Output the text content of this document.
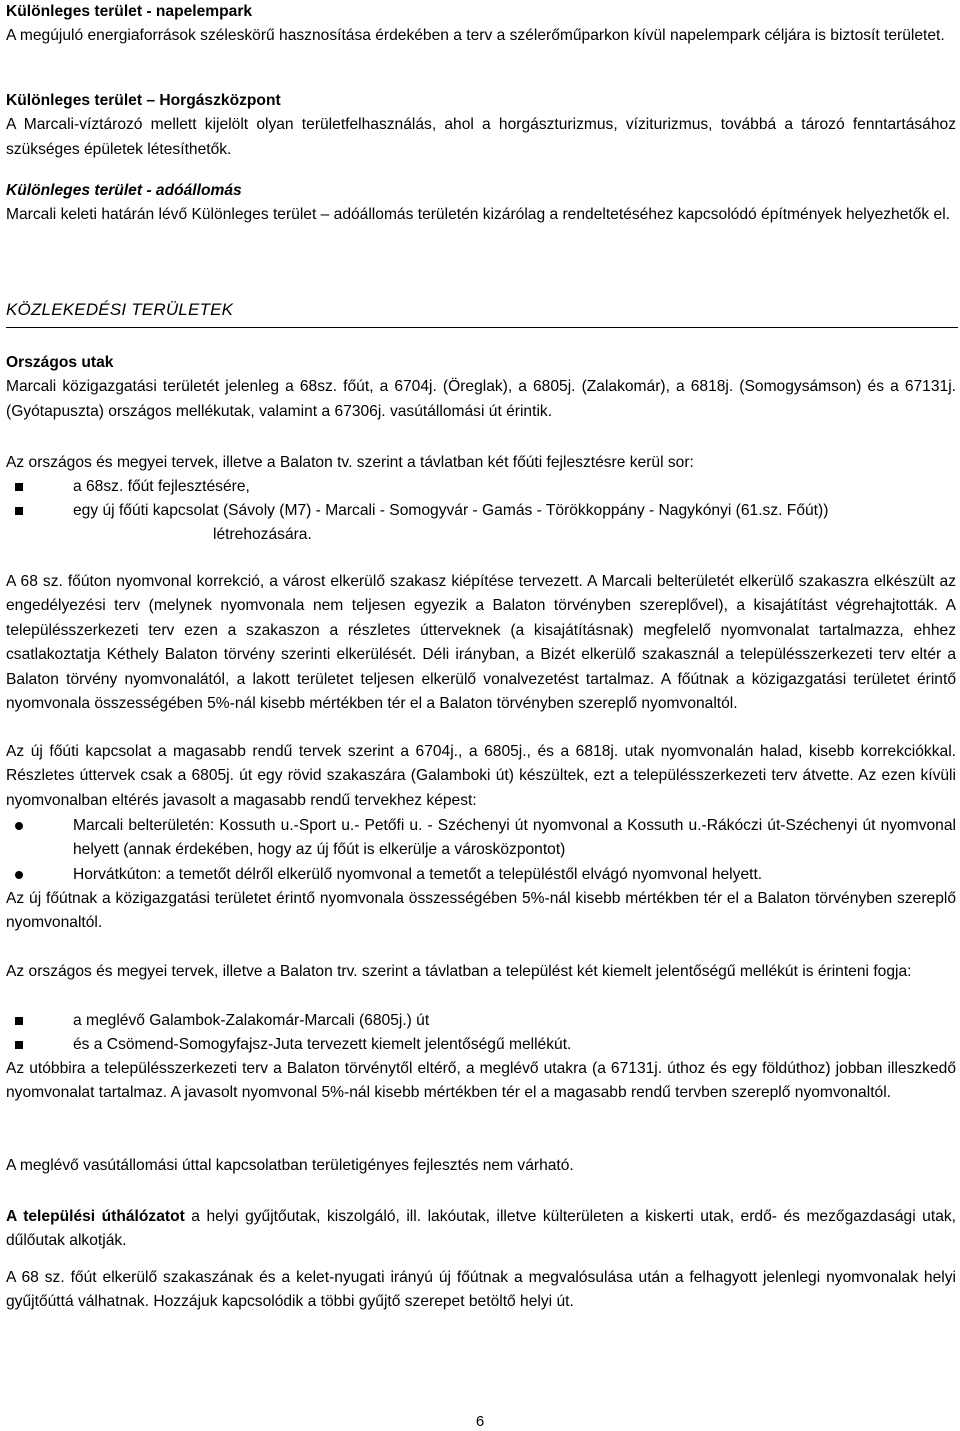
Különleges terület - napelempark
A megújuló energiaforrások széleskörű hasznosítása érdekében a terv a szélerőműparkon kívül napelempark céljára is biztosít területet.
Különleges terület – Horgászközpont
A Marcali-víztározó mellett kijelölt olyan területfelhasználás, ahol a horgászturizmus, víziturizmus, továbbá a tározó fenntartásához szükséges épületek létesíthetők.
Különleges terület - adóállomás
Marcali keleti határán lévő Különleges terület – adóállomás területén kizárólag a rendeltetéséhez kapcsolódó építmények helyezhetők el.
KÖZLEKEDÉSI TERÜLETEK
Országos utak
Marcali közigazgatási területét jelenleg a 68sz. főút, a 6704j. (Öreglak), a 6805j. (Zalakomár), a 6818j. (Somogysámson) és a 67131j. (Gyótapuszta) országos mellékutak, valamint a 67306j. vasútállomási út érintik.
Az országos és megyei tervek, illetve a Balaton tv. szerint a távlatban két főúti fejlesztésre kerül sor:
a 68sz. főút fejlesztésére,
egy új főúti kapcsolat (Sávoly (M7) - Marcali - Somogyvár - Gamás - Törökkoppány - Nagykónyi (61.sz. Főút))
létrehozására.
A 68 sz. főúton nyomvonal korrekció, a várost elkerülő szakasz kiépítése tervezett. A Marcali belterületét elkerülő szakaszra elkészült az engedélyezési terv (melynek nyomvonala nem teljesen egyezik a Balaton törvényben szereplővel), a kisajátítást végrehajtották. A településszerkezeti terv ezen a szakaszon a részletes útterveknek (a kisajátításnak) megfelelő nyomvonalat tartalmazza, ehhez csatlakoztatja Kéthely Balaton törvény szerinti elkerülését. Déli irányban, a Bizét elkerülő szakasznál a településszerkezeti terv eltér a Balaton törvény nyomvonalától, a lakott területet teljesen elkerülő vonalvezetést tartalmaz. A főútnak a közigazgatási területet érintő nyomvonala összességében 5%-nál kisebb mértékben tér el a Balaton törvényben szereplő nyomvonaltól.
Az új főúti kapcsolat a magasabb rendű tervek szerint a 6704j., a 6805j., és a 6818j. utak nyomvonalán halad, kisebb korrekciókkal. Részletes úttervek csak a 6805j. út egy rövid szakaszára (Galamboki út) készültek, ezt a településszerkezeti terv átvette. Az ezen kívüli nyomvonalban eltérés javasolt a magasabb rendű tervekhez képest:
Marcali belterületén: Kossuth u.-Sport u.- Petőfi u. - Széchenyi út nyomvonal a Kossuth u.-Rákóczi út-Széchenyi út nyomvonal helyett (annak érdekében, hogy az új főút is elkerülje a városközpontot)
Horvátkúton: a temetőt délről elkerülő nyomvonal a temetőt a településtől elvágó nyomvonal helyett.
Az új főútnak a közigazgatási területet érintő nyomvonala összességében 5%-nál kisebb mértékben tér el a Balaton törvényben szereplő nyomvonaltól.
Az országos és megyei tervek, illetve a Balaton trv. szerint a távlatban a települést két kiemelt jelentőségű mellékút is érinteni fogja:
a meglévő Galambok-Zalakomár-Marcali (6805j.) út
és a Csömend-Somogyfajsz-Juta tervezett kiemelt jelentőségű mellékút.
Az utóbbira a településszerkezeti terv a Balaton törvénytől eltérő, a meglévő utakra (a 67131j. úthoz és egy földúthoz) jobban illeszkedő nyomvonalat tartalmaz. A javasolt nyomvonal 5%-nál kisebb mértékben tér el a magasabb rendű tervben szereplő nyomvonaltól.
A meglévő vasútállomási úttal kapcsolatban területigényes fejlesztés nem várható.
A települési úthálózatot a helyi gyűjtőutak, kiszolgáló, ill. lakóutak, illetve külterületen a kiskerti utak, erdő- és mezőgazdasági utak, dűlőutak alkotják.
A 68 sz. főút elkerülő szakaszának és a kelet-nyugati irányú új főútnak a megvalósulása után a felhagyott jelenlegi nyomvonalak helyi gyűjtőúttá válhatnak. Hozzájuk kapcsolódik a többi gyűjtő szerepet betöltő helyi út.
6
